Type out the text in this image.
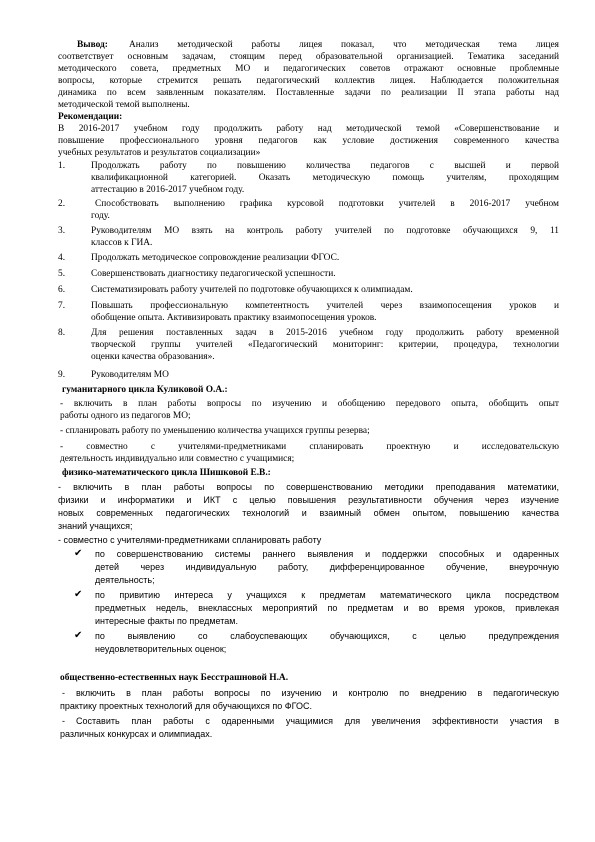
Вывод: Анализ методической работы лицея показал, что методическая тема лицея
соответствует основным задачам, стоящим перед образовательной организацией. Тематика заседаний
методического совета, предметных МО и педагогических советов отражают основные проблемные
вопросы, которые стремится решать педагогический коллектив лицея. Наблюдается положительная
динамика по всем заявленным показателям. Поставленные задачи по реализации II этапа работы над
методической темой выполнены.
Рекомендации:
В 2016-2017 учебном году продолжить работу над методической темой «Совершенствование и
повышение профессионального уровня педагогов как условие достижения современного качества
учебных результатов и результатов социализации»
1.	Продолжать работу по повышению количества педагогов с высшей и первой
квалификационной категорией. Оказать методическую помощь учителям, проходящим
аттестацию в 2016-2017 учебном году.
2.	Способствовать выполнению графика курсовой подготовки учителей в 2016-2017 учебном
году.
3.	Руководителям МО взять на контроль работу учителей по подготовке обучающихся 9, 11
классов к ГИА.
4.	Продолжать методическое сопровождение реализации ФГОС.
5.	Совершенствовать диагностику педагогической успешности.
6.	Систематизировать работу учителей по подготовке обучающихся к олимпиадам.
7.	Повышать профессиональную компетентность учителей через взаимопосещения уроков и
обобщение опыта. Активизировать практику взаимопосещения уроков.
8.	Для решения поставленных задач в 2015-2016 учебном году продолжить работу временной
творческой группы учителей «Педагогический мониторинг: критерии, процедура, технологии
оценки качества образования».
9.	Руководителям МО
гуманитарного цикла Куликовой О.А.:
- включить в план работы вопросы по изучению и обобщению передового опыта, обобщить опыт
работы одного из педагогов МО;
- спланировать работу по уменьшению количества учащихся группы резерва;
- совместно с учителями-предметниками спланировать проектную и исследовательскую
деятельность индивидуально или совместно с учащимися;
физико-математического цикла Шишковой Е.В.:
- включить в план работы вопросы по совершенствованию методики преподавания математики,
физики и информатики и ИКТ с целью повышения результативности обучения через изучение
новых современных педагогических технологий и взаимный обмен опытом, повышению качества
знаний учащихся;
- совместно с учителями-предметниками спланировать работу
✔ по совершенствованию системы раннего выявления и поддержки способных и одаренных
детей через индивидуальную работу, дифференцированное обучение, внеурочную
деятельность;
✔ по привитию интереса у учащихся к предметам математического цикла посредством
предметных недель, внеклассных мероприятий по предметам и во время уроков, привлекая
интересные факты по предметам.
✔ по выявлению со слабоуспевающих обучающихся, с целью предупреждения
неудовлетворительных оценок;
общественно-естественных наук Бесстрашновой Н.А.
- включить в план работы вопросы по изучению и контролю по внедрению в педагогическую
практику проектных технологий для обучающихся по ФГОС.
- Составить план работы с одаренными учащимися для увеличения эффективности участия в
различных конкурсах и олимпиадах.
